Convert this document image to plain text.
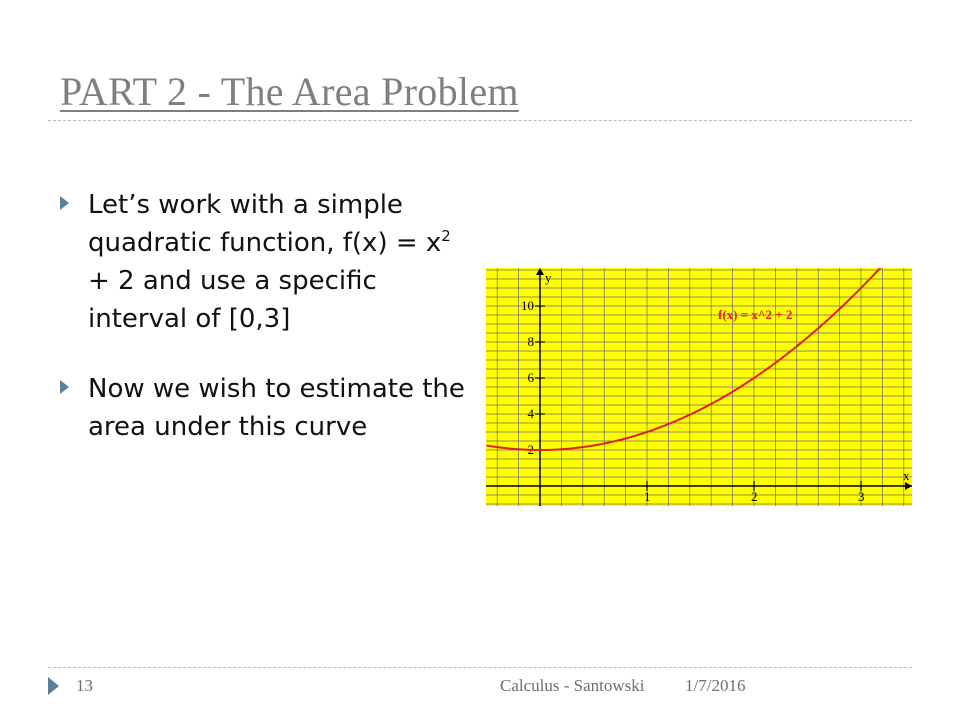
PART 2 - The Area Problem
Let’s work with a simple quadratic function, $f(x) = x^2 + 2$ and use a specific interval of [0,3]
Now we wish to estimate the area under this curve
1	2	3
2
4
6
8
10
f(x) = x^2 + 2
x
y
13	Calculus - Santowski 1/7/2016
